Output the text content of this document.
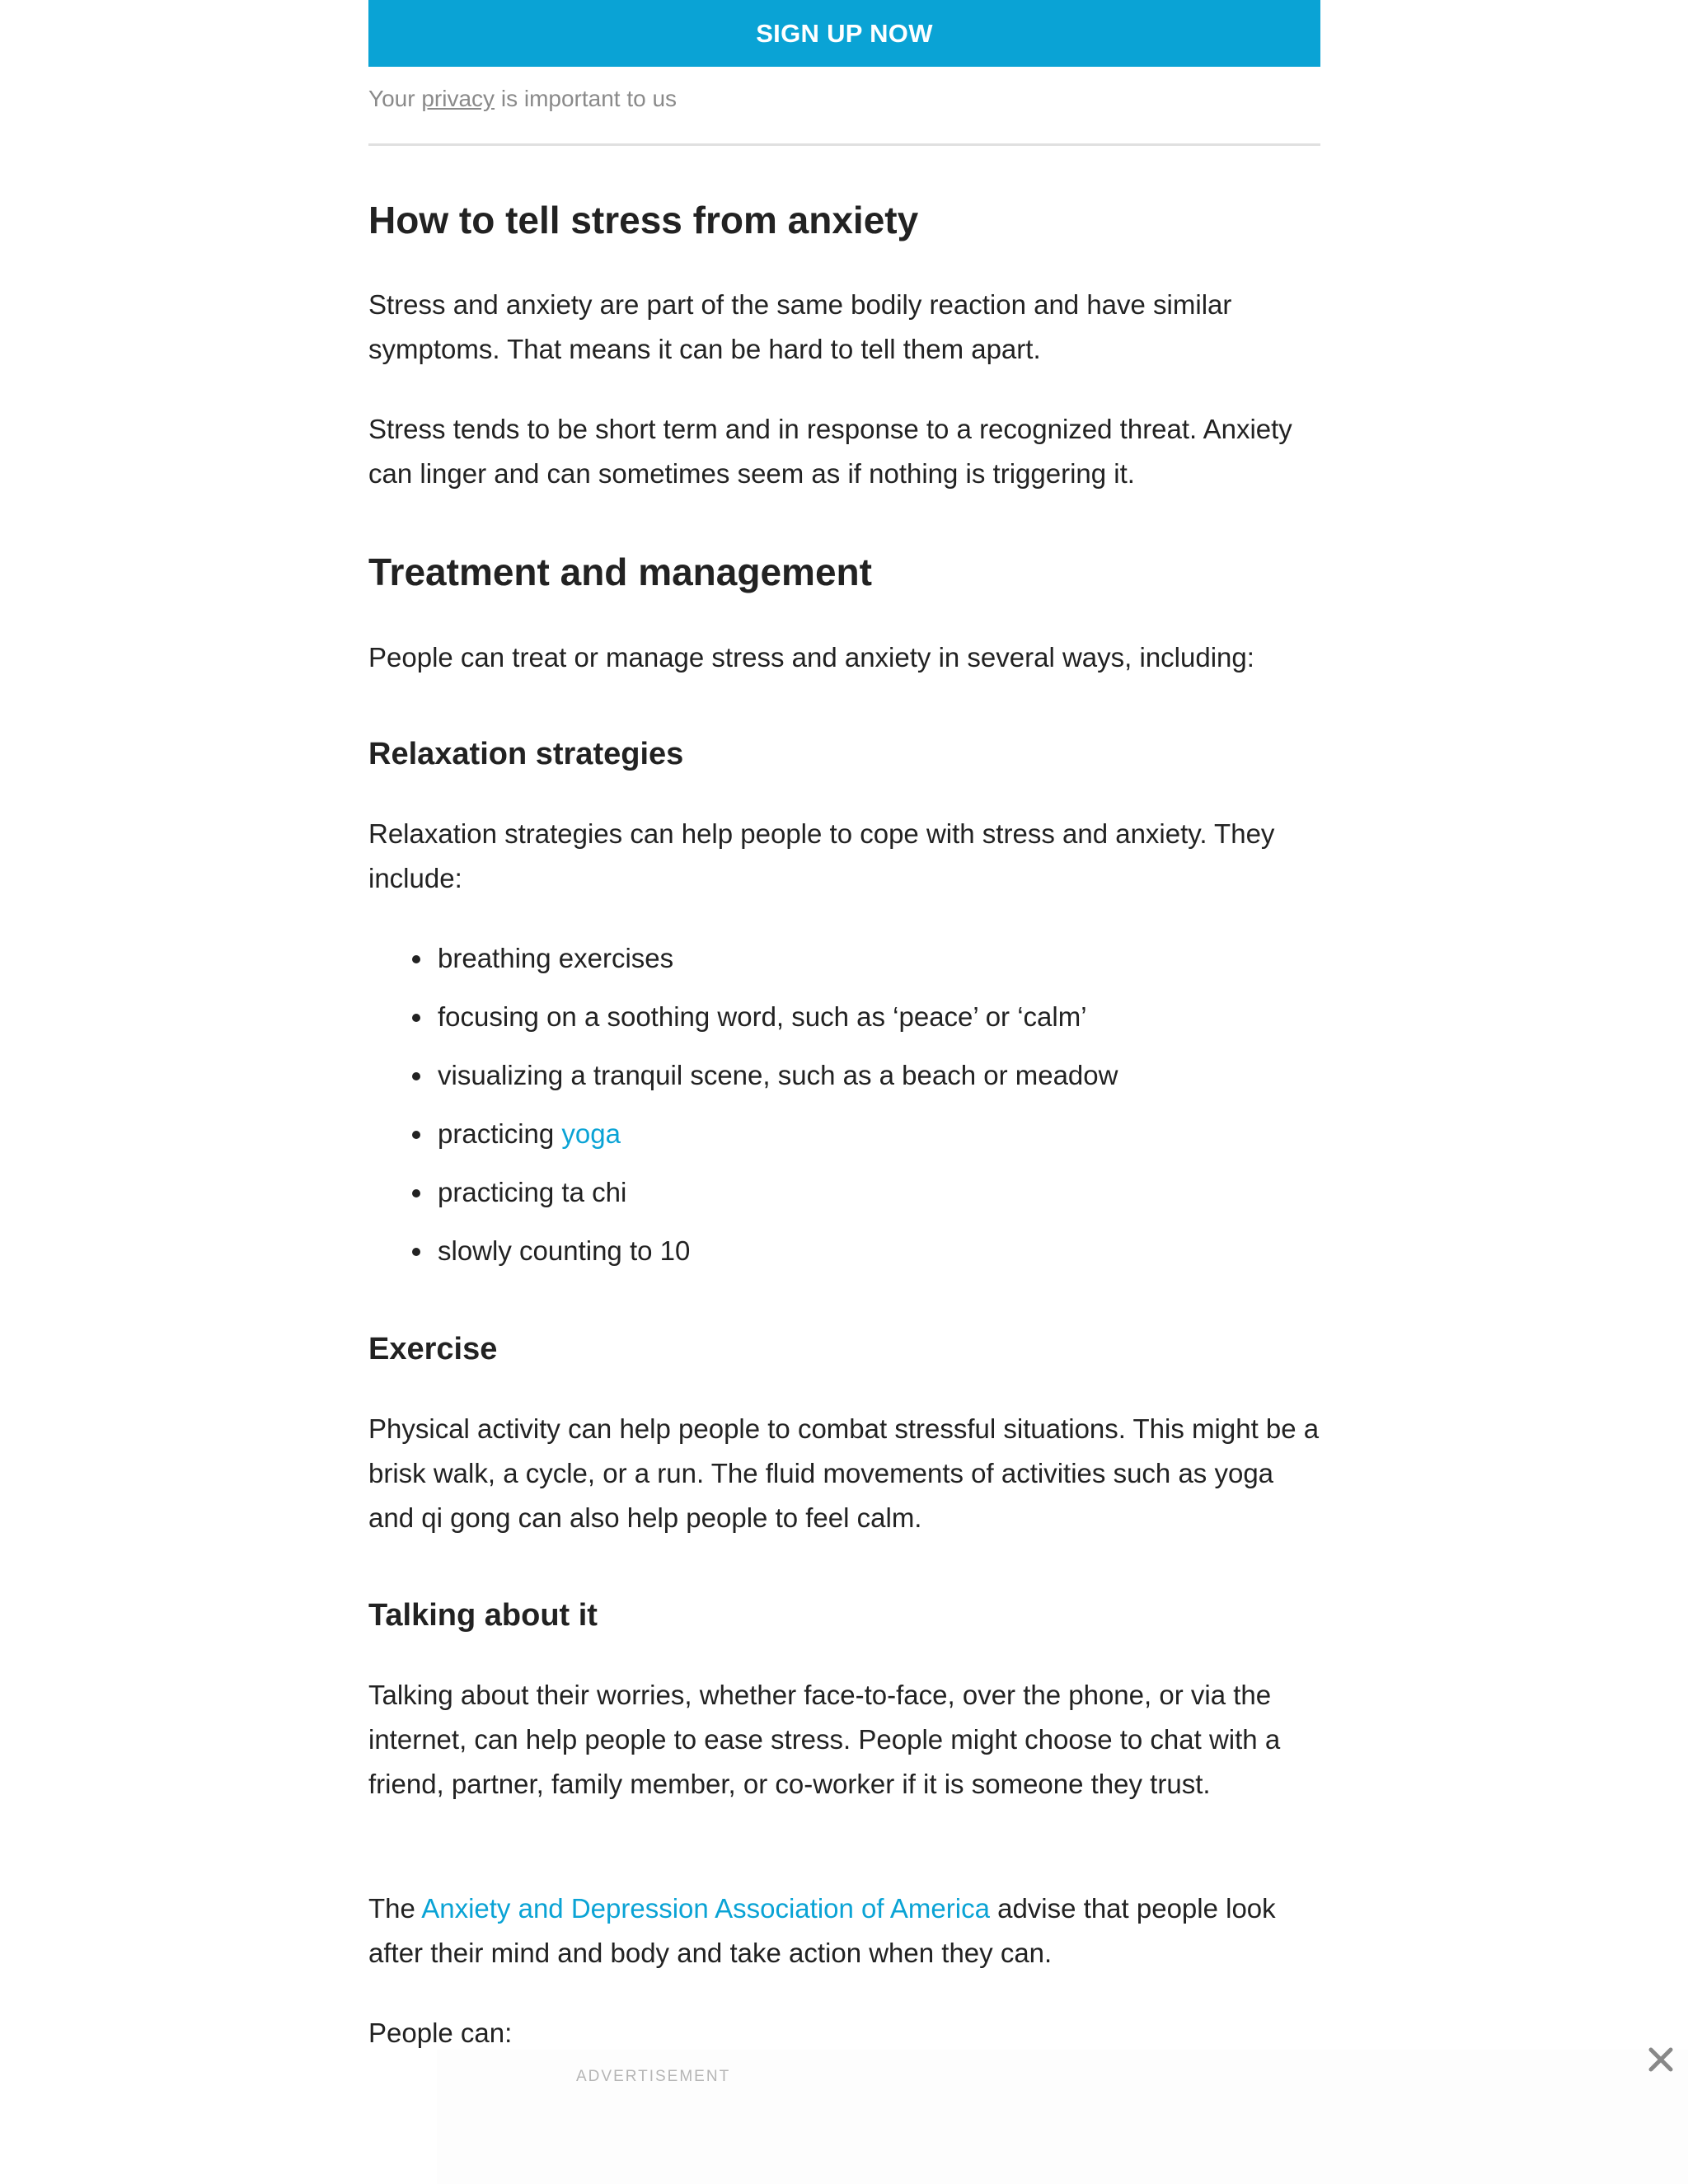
SIGN UP NOW
Your privacy is important to us
How to tell stress from anxiety

Stress and anxiety are part of the same bodily reaction and have similar symptoms. That means it can be hard to tell them apart.

Stress tends to be short term and in response to a recognized threat. Anxiety can linger and can sometimes seem as if nothing is triggering it.

Treatment and management

People can treat or manage stress and anxiety in several ways, including:

Relaxation strategies

Relaxation strategies can help people to cope with stress and anxiety. They include:

breathing exercises
focusing on a soothing word, such as ‘peace’ or ‘calm’
visualizing a tranquil scene, such as a beach or meadow
practicing yoga
practicing ta chi
slowly counting to 10
Exercise

Physical activity can help people to combat stressful situations. This might be a brisk walk, a cycle, or a run. The fluid movements of activities such as yoga and qi gong can also help people to feel calm.

Talking about it

Talking about their worries, whether face-to-face, over the phone, or via the internet, can help people to ease stress. People might choose to chat with a friend, partner, family member, or co-worker if it is someone they trust.

The Anxiety and Depression Association of America advise that people look after their mind and body and take action when they can.

People can:

ADVERTISEMENT
